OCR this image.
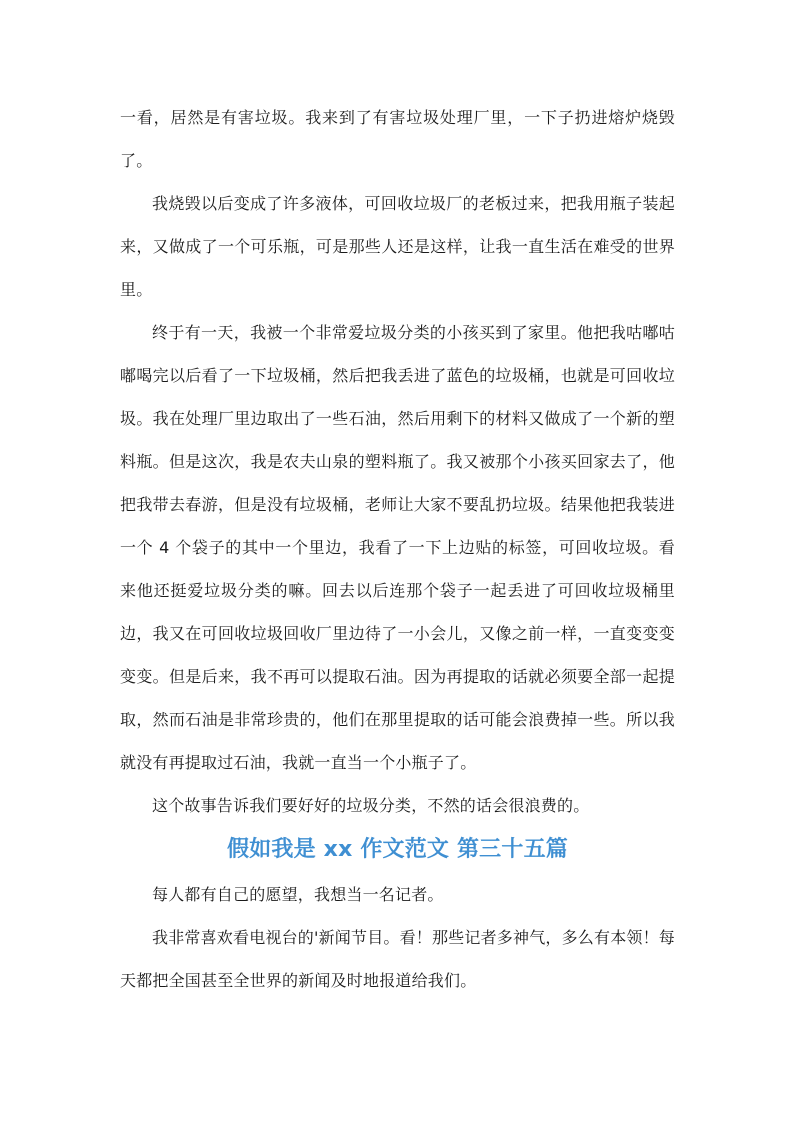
一看，居然是有害垃圾。我来到了有害垃圾处理厂里，一下子扔进熔炉烧毁了。

我烧毁以后变成了许多液体，可回收垃圾厂的老板过来，把我用瓶子装起来，又做成了一个可乐瓶，可是那些人还是这样，让我一直生活在难受的世界里。

终于有一天，我被一个非常爱垃圾分类的小孩买到了家里。他把我咕嘟咕嘟喝完以后看了一下垃圾桶，然后把我丢进了蓝色的垃圾桶，也就是可回收垃圾。我在处理厂里边取出了一些石油，然后用剩下的材料又做成了一个新的塑料瓶。但是这次，我是农夫山泉的塑料瓶了。我又被那个小孩买回家去了，他把我带去春游，但是没有垃圾桶，老师让大家不要乱扔垃圾。结果他把我装进一个 4 个袋子的其中一个里边，我看了一下上边贴的标签，可回收垃圾。看来他还挺爱垃圾分类的嘛。回去以后连那个袋子一起丢进了可回收垃圾桶里边，我又在可回收垃圾回收厂里边待了一小会儿，又像之前一样，一直变变变变变。但是后来，我不再可以提取石油。因为再提取的话就必须要全部一起提取，然而石油是非常珍贵的，他们在那里提取的话可能会浪费掉一些。所以我就没有再提取过石油，我就一直当一个小瓶子了。

这个故事告诉我们要好好的垃圾分类，不然的话会很浪费的。

假如我是 xx 作文范文 第三十五篇

每人都有自己的愿望，我想当一名记者。

我非常喜欢看电视台的'新闻节目。看！那些记者多神气，多么有本领！每天都把全国甚至全世界的新闻及时地报道给我们。
